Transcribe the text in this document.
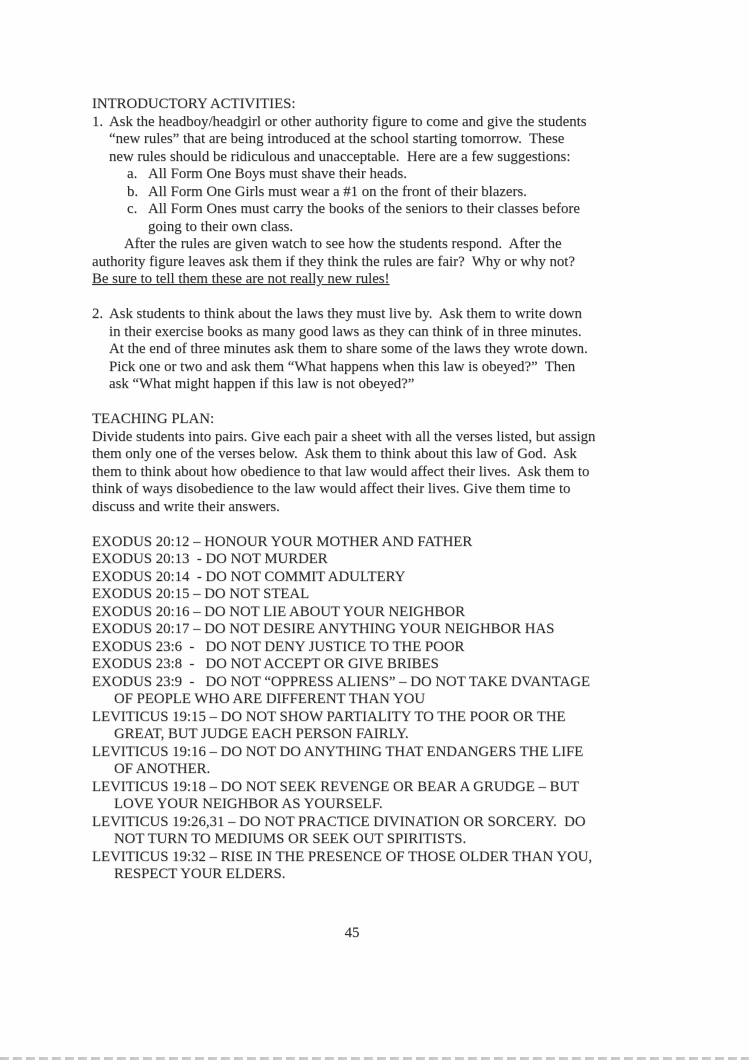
INTRODUCTORY ACTIVITIES:
1. Ask the headboy/headgirl or other authority figure to come and give the students
“new rules” that are being introduced at the school starting tomorrow.  These
new rules should be ridiculous and unacceptable.  Here are a few suggestions:
a. All Form One Boys must shave their heads.
b. All Form One Girls must wear a #1 on the front of their blazers.
c. All Form Ones must carry the books of the seniors to their classes before
going to their own class.
After the rules are given watch to see how the students respond.  After the
authority figure leaves ask them if they think the rules are fair?  Why or why not?
Be sure to tell them these are not really new rules!
2. Ask students to think about the laws they must live by.  Ask them to write down
in their exercise books as many good laws as they can think of in three minutes.
At the end of three minutes ask them to share some of the laws they wrote down.
Pick one or two and ask them “What happens when this law is obeyed?”  Then
ask “What might happen if this law is not obeyed?”
TEACHING PLAN:
Divide students into pairs. Give each pair a sheet with all the verses listed, but assign
them only one of the verses below.  Ask them to think about this law of God.  Ask
them to think about how obedience to that law would affect their lives.  Ask them to
think of ways disobedience to the law would affect their lives. Give them time to
discuss and write their answers.
EXODUS 20:12 – HONOUR YOUR MOTHER AND FATHER
EXODUS 20:13  - DO NOT MURDER
EXODUS 20:14  - DO NOT COMMIT ADULTERY
EXODUS 20:15 – DO NOT STEAL
EXODUS 20:16 – DO NOT LIE ABOUT YOUR NEIGHBOR
EXODUS 20:17 – DO NOT DESIRE ANYTHING YOUR NEIGHBOR HAS
EXODUS 23:6  -   DO NOT DENY JUSTICE TO THE POOR
EXODUS 23:8  -   DO NOT ACCEPT OR GIVE BRIBES
EXODUS 23:9  -   DO NOT “OPPRESS ALIENS” – DO NOT TAKE DVANTAGE
OF PEOPLE WHO ARE DIFFERENT THAN YOU
LEVITICUS 19:15 – DO NOT SHOW PARTIALITY TO THE POOR OR THE
GREAT, BUT JUDGE EACH PERSON FAIRLY.
LEVITICUS 19:16 – DO NOT DO ANYTHING THAT ENDANGERS THE LIFE
OF ANOTHER.
LEVITICUS 19:18 – DO NOT SEEK REVENGE OR BEAR A GRUDGE – BUT
LOVE YOUR NEIGHBOR AS YOURSELF.
LEVITICUS 19:26,31 – DO NOT PRACTICE DIVINATION OR SORCERY.  DO
NOT TURN TO MEDIUMS OR SEEK OUT SPIRITISTS.
LEVITICUS 19:32 – RISE IN THE PRESENCE OF THOSE OLDER THAN YOU,
RESPECT YOUR ELDERS.
45
